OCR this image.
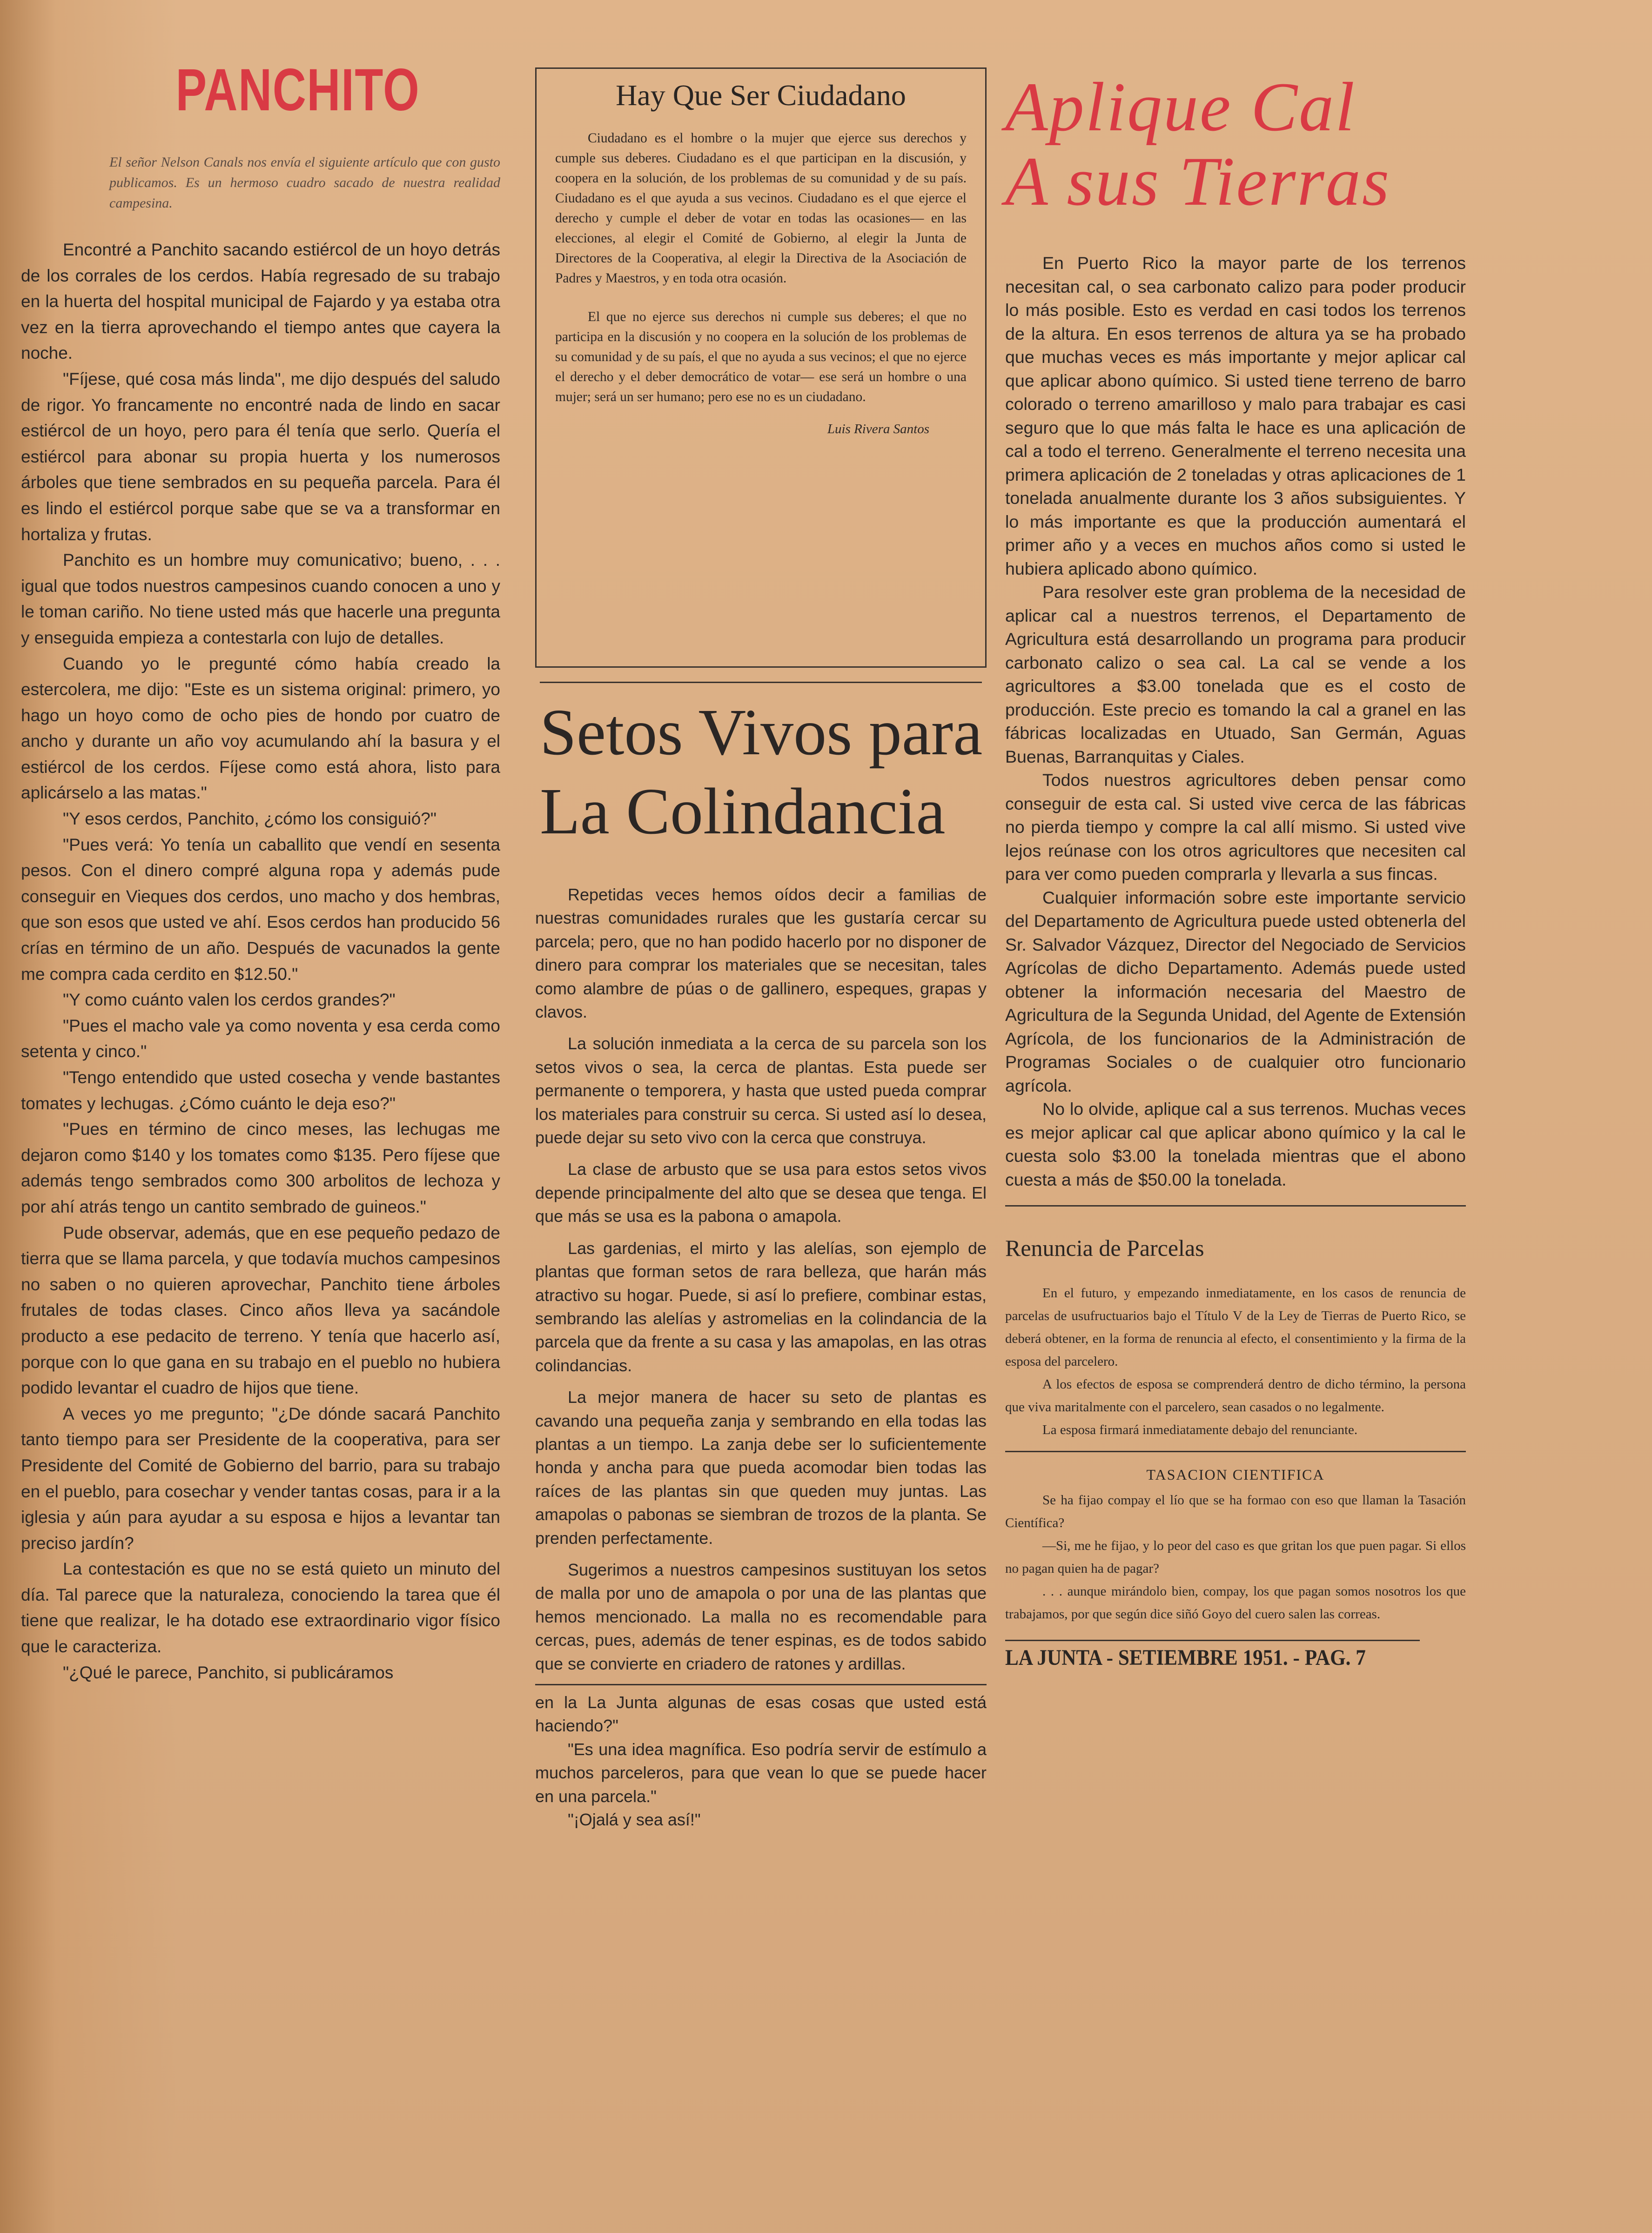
PANCHITO

El señor Nelson Canals nos envía el siguiente artículo que con gusto publicamos. Es un hermoso cuadro sacado de nuestra realidad campesina.

Encontré a Panchito sacando estiércol de un hoyo detrás de los corrales de los cerdos. Había regresado de su trabajo en la huerta del hospital municipal de Fajardo y ya estaba otra vez en la tierra aprovechando el tiempo antes que cayera la noche.

"Fíjese, qué cosa más linda", me dijo después del saludo de rigor. Yo francamente no encontré nada de lindo en sacar estiércol de un hoyo, pero para él tenía que serlo. Quería el estiércol para abonar su propia huerta y los numerosos árboles que tiene sembrados en su pequeña parcela. Para él es lindo el estiércol porque sabe que se va a transformar en hortaliza y frutas.

Panchito es un hombre muy comunicativo; bueno, . . . igual que todos nuestros campesinos cuando conocen a uno y le toman cariño. No tiene usted más que hacerle una pregunta y enseguida empieza a contestarla con lujo de detalles.

Cuando yo le pregunté cómo había creado la estercolera, me dijo: "Este es un sistema original: primero, yo hago un hoyo como de ocho pies de hondo por cuatro de ancho y durante un año voy acumulando ahí la basura y el estiércol de los cerdos. Fíjese como está ahora, listo para aplicárselo a las matas."

"Y esos cerdos, Panchito, ¿cómo los consiguió?"

"Pues verá: Yo tenía un caballito que vendí en sesenta pesos. Con el dinero compré alguna ropa y además pude conseguir en Vieques dos cerdos, uno macho y dos hembras, que son esos que usted ve ahí. Esos cerdos han producido 56 crías en término de un año. Después de vacunados la gente me compra cada cerdito en $12.50."

"Y como cuánto valen los cerdos grandes?"

"Pues el macho vale ya como noventa y esa cerda como setenta y cinco."

"Tengo entendido que usted cosecha y vende bastantes tomates y lechugas. ¿Cómo cuánto le deja eso?"

"Pues en término de cinco meses, las lechugas me dejaron como $140 y los tomates como $135. Pero fíjese que además tengo sembrados como 300 arbolitos de lechoza y por ahí atrás tengo un cantito sembrado de guineos."

Pude observar, además, que en ese pequeño pedazo de tierra que se llama parcela, y que todavía muchos campesinos no saben o no quieren aprovechar, Panchito tiene árboles frutales de todas clases. Cinco años lleva ya sacándole producto a ese pedacito de terreno. Y tenía que hacerlo así, porque con lo que gana en su trabajo en el pueblo no hubiera podido levantar el cuadro de hijos que tiene.

A veces yo me pregunto; "¿De dónde sacará Panchito tanto tiempo para ser Presidente de la cooperativa, para ser Presidente del Comité de Gobierno del barrio, para su trabajo en el pueblo, para cosechar y vender tantas cosas, para ir a la iglesia y aún para ayudar a su esposa e hijos a levantar tan preciso jardín?

La contestación es que no se está quieto un minuto del día. Tal parece que la naturaleza, conociendo la tarea que él tiene que realizar, le ha dotado ese extraordinario vigor físico que le caracteriza.

"¿Qué le parece, Panchito, si publicáramos

Hay Que Ser Ciudadano

Ciudadano es el hombre o la mujer que ejerce sus derechos y cumple sus deberes. Ciudadano es el que participan en la discusión, y coopera en la solución, de los problemas de su comunidad y de su país. Ciudadano es el que ayuda a sus vecinos. Ciudadano es el que ejerce el derecho y cumple el deber de votar en todas las ocasiones— en las elecciones, al elegir el Comité de Gobierno, al elegir la Junta de Directores de la Cooperativa, al elegir la Directiva de la Asociación de Padres y Maestros, y en toda otra ocasión.

El que no ejerce sus derechos ni cumple sus deberes; el que no participa en la discusión y no coopera en la solución de los problemas de su comunidad y de su país, el que no ayuda a sus vecinos; el que no ejerce el derecho y el deber democrático de votar— ese será un hombre o una mujer; será un ser humano; pero ese no es un ciudadano.

Luis Rivera Santos

Setos Vivos para
La Colindancia

Repetidas veces hemos oídos decir a familias de nuestras comunidades rurales que les gustaría cercar su parcela; pero, que no han podido hacerlo por no disponer de dinero para comprar los materiales que se necesitan, tales como alambre de púas o de gallinero, espeques, grapas y clavos.

La solución inmediata a la cerca de su parcela son los setos vivos o sea, la cerca de plantas. Esta puede ser permanente o temporera, y hasta que usted pueda comprar los materiales para construir su cerca. Si usted así lo desea, puede dejar su seto vivo con la cerca que construya.

La clase de arbusto que se usa para estos setos vivos depende principalmente del alto que se desea que tenga. El que más se usa es la pabona o amapola.

Las gardenias, el mirto y las alelías, son ejemplo de plantas que forman setos de rara belleza, que harán más atractivo su hogar. Puede, si así lo prefiere, combinar estas, sembrando las alelías y astromelias en la colindancia de la parcela que da frente a su casa y las amapolas, en las otras colindancias.

La mejor manera de hacer su seto de plantas es cavando una pequeña zanja y sembrando en ella todas las plantas a un tiempo. La zanja debe ser lo suficientemente honda y ancha para que pueda acomodar bien todas las raíces de las plantas sin que queden muy juntas. Las amapolas o pabonas se siembran de trozos de la planta. Se prenden perfectamente.

Sugerimos a nuestros campesinos sustituyan los setos de malla por uno de amapola o por una de las plantas que hemos mencionado. La malla no es recomendable para cercas, pues, además de tener espinas, es de todos sabido que se convierte en criadero de ratones y ardillas.

en la La Junta algunas de esas cosas que usted está haciendo?"

"Es una idea magnífica. Eso podría servir de estímulo a muchos parceleros, para que vean lo que se puede hacer en una parcela."

"¡Ojalá y sea así!"

Aplique Cal
A sus Tierras

En Puerto Rico la mayor parte de los terrenos necesitan cal, o sea carbonato calizo para poder producir lo más posible. Esto es verdad en casi todos los terrenos de la altura. En esos terrenos de altura ya se ha probado que muchas veces es más importante y mejor aplicar cal que aplicar abono químico. Si usted tiene terreno de barro colorado o terreno amarilloso y malo para trabajar es casi seguro que lo que más falta le hace es una aplicación de cal a todo el terreno. Generalmente el terreno necesita una primera aplicación de 2 toneladas y otras aplicaciones de 1 tonelada anualmente durante los 3 años subsiguientes. Y lo más importante es que la producción aumentará el primer año y a veces en muchos años como si usted le hubiera aplicado abono químico.

Para resolver este gran problema de la necesidad de aplicar cal a nuestros terrenos, el Departamento de Agricultura está desarrollando un programa para producir carbonato calizo o sea cal. La cal se vende a los agricultores a $3.00 tonelada que es el costo de producción. Este precio es tomando la cal a granel en las fábricas localizadas en Utuado, San Germán, Aguas Buenas, Barranquitas y Ciales.

Todos nuestros agricultores deben pensar como conseguir de esta cal. Si usted vive cerca de las fábricas no pierda tiempo y compre la cal allí mismo. Si usted vive lejos reúnase con los otros agricultores que necesiten cal para ver como pueden comprarla y llevarla a sus fincas.

Cualquier información sobre este importante servicio del Departamento de Agricultura puede usted obtenerla del Sr. Salvador Vázquez, Director del Negociado de Servicios Agrícolas de dicho Departamento. Además puede usted obtener la información necesaria del Maestro de Agricultura de la Segunda Unidad, del Agente de Extensión Agrícola, de los funcionarios de la Administración de Programas Sociales o de cualquier otro funcionario agrícola.

No lo olvide, aplique cal a sus terrenos. Muchas veces es mejor aplicar cal que aplicar abono químico y la cal le cuesta solo $3.00 la tonelada mientras que el abono cuesta a más de $50.00 la tonelada.

Renuncia de Parcelas

En el futuro, y empezando inmediatamente, en los casos de renuncia de parcelas de usufructuarios bajo el Título V de la Ley de Tierras de Puerto Rico, se deberá obtener, en la forma de renuncia al efecto, el consentimiento y la firma de la esposa del parcelero.

A los efectos de esposa se comprenderá dentro de dicho término, la persona que viva maritalmente con el parcelero, sean casados o no legalmente.

La esposa firmará inmediatamente debajo del renunciante.

TASACION CIENTIFICA

Se ha fijao compay el lío que se ha formao con eso que llaman la Tasación Científica?

—Si, me he fijao, y lo peor del caso es que gritan los que puen pagar. Si ellos no pagan quien ha de pagar?

. . . aunque mirándolo bien, compay, los que pagan somos nosotros los que trabajamos, por que según dice siñó Goyo del cuero salen las correas.

LA JUNTA - SETIEMBRE 1951. - PAG. 7
